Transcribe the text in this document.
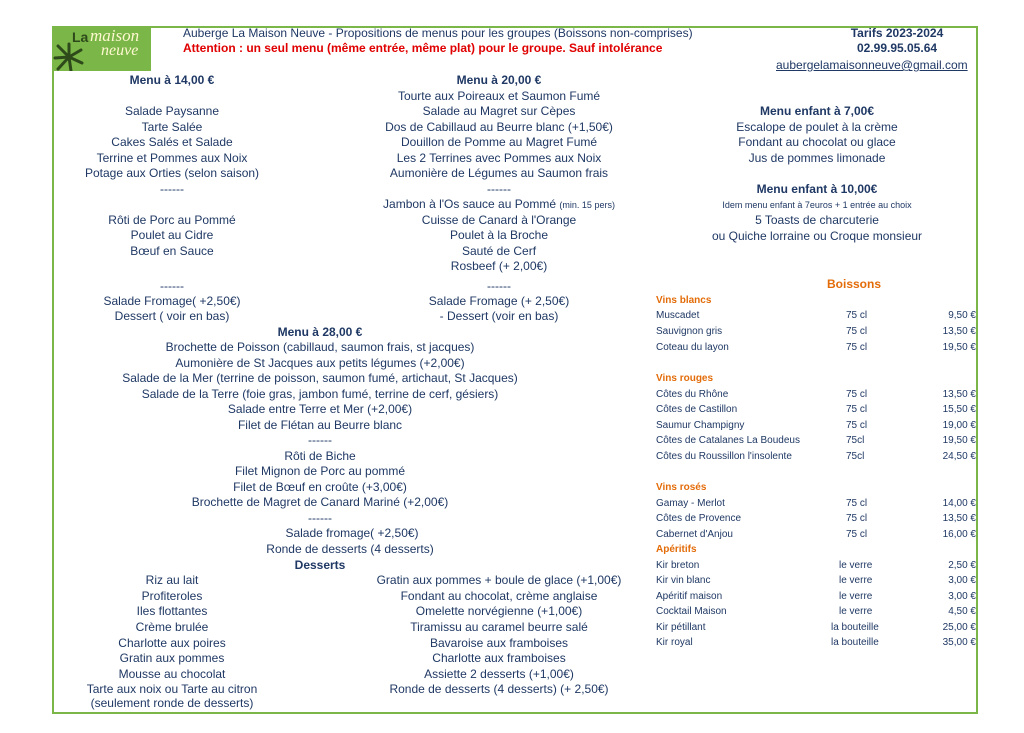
La maison
neuve
Auberge La Maison Neuve - Propositions de menus pour les groupes (Boissons non-comprises)
Attention : un seul menu (même entrée, même plat) pour le groupe. Sauf intolérance
Tarifs 2023-2024
02.99.95.05.64
aubergelamaisonneuve@gmail.com
Menu à 14,00 €
Salade Paysanne
Tarte Salée
Cakes Salés et Salade
Terrine et Pommes aux Noix
Potage aux Orties (selon saison)
------
Rôti de Porc au Pommé
Poulet au Cidre
Bœuf en Sauce
------
Salade Fromage( +2,50€)
Dessert ( voir en bas)
Menu à 20,00 €
Tourte aux Poireaux et Saumon Fumé
Salade au Magret sur Cèpes
Dos de Cabillaud au Beurre blanc (+1,50€)
Douillon de Pomme au Magret Fumé
Les 2 Terrines avec Pommes aux Noix
Aumonière de Légumes au Saumon frais
------
Jambon à l'Os sauce au Pommé (min. 15 pers)
Cuisse de Canard à l'Orange
Poulet à la Broche
Sauté de Cerf
Rosbeef (+ 2,00€)
------
Salade Fromage (+ 2,50€)
- Dessert (voir en bas)
Menu à 28,00 €
Brochette de Poisson (cabillaud, saumon frais, st jacques)
Aumonière de St Jacques aux petits légumes (+2,00€)
Salade de la Mer (terrine de poisson, saumon fumé, artichaut, St Jacques)
Salade de la Terre (foie gras, jambon fumé, terrine de cerf, gésiers)
Salade entre Terre et Mer (+2,00€)
Filet de Flétan au Beurre blanc
------
Rôti de Biche
Filet Mignon de Porc au pommé
Filet de Bœuf en croûte (+3,00€)
Brochette de Magret de Canard Mariné (+2,00€)
------
Salade fromage( +2,50€)
Ronde de desserts (4 desserts)
Desserts
Riz au lait
Profiteroles
Iles flottantes
Crème brulée
Charlotte aux poires
Gratin aux pommes
Mousse au chocolat
Tarte aux noix ou Tarte au citron
(seulement ronde de desserts)
Gratin aux pommes + boule de glace (+1,00€)
Fondant au chocolat, crème anglaise
Omelette norvégienne (+1,00€)
Tiramissu au caramel beurre salé
Bavaroise aux framboises
Charlotte aux framboises
Assiette 2 desserts (+1,00€)
Ronde de desserts (4 desserts) (+ 2,50€)
Menu enfant à 7,00€
Escalope de poulet à la crème
Fondant au chocolat ou glace
Jus de pommes limonade
Menu enfant à 10,00€
Idem menu enfant à 7euros + 1 entrée au choix
5 Toasts de charcuterie
ou Quiche lorraine ou Croque monsieur
Boissons
Vins blancs
Muscadet	75 cl	9,50 €
Sauvignon gris	75 cl	13,50 €
Coteau du layon	75 cl	19,50 €
Vins rouges
Côtes du Rhône	75 cl	13,50 €
Côtes de Castillon	75 cl	15,50 €
Saumur Champigny	75 cl	19,00 €
Côtes de Catalanes La Boudeus	75cl	19,50 €
Côtes du Roussillon l'insolente	75cl	24,50 €
Vins rosés
Gamay - Merlot	75 cl	14,00 €
Côtes de Provence	75 cl	13,50 €
Cabernet d'Anjou	75 cl	16,00 €
Apéritifs
Kir breton	le verre	2,50 €
Kir vin blanc	le verre	3,00 €
Apéritif maison	le verre	3,00 €
Cocktail Maison	le verre	4,50 €
Kir pétillant	la bouteille	25,00 €
Kir royal	la bouteille	35,00 €
